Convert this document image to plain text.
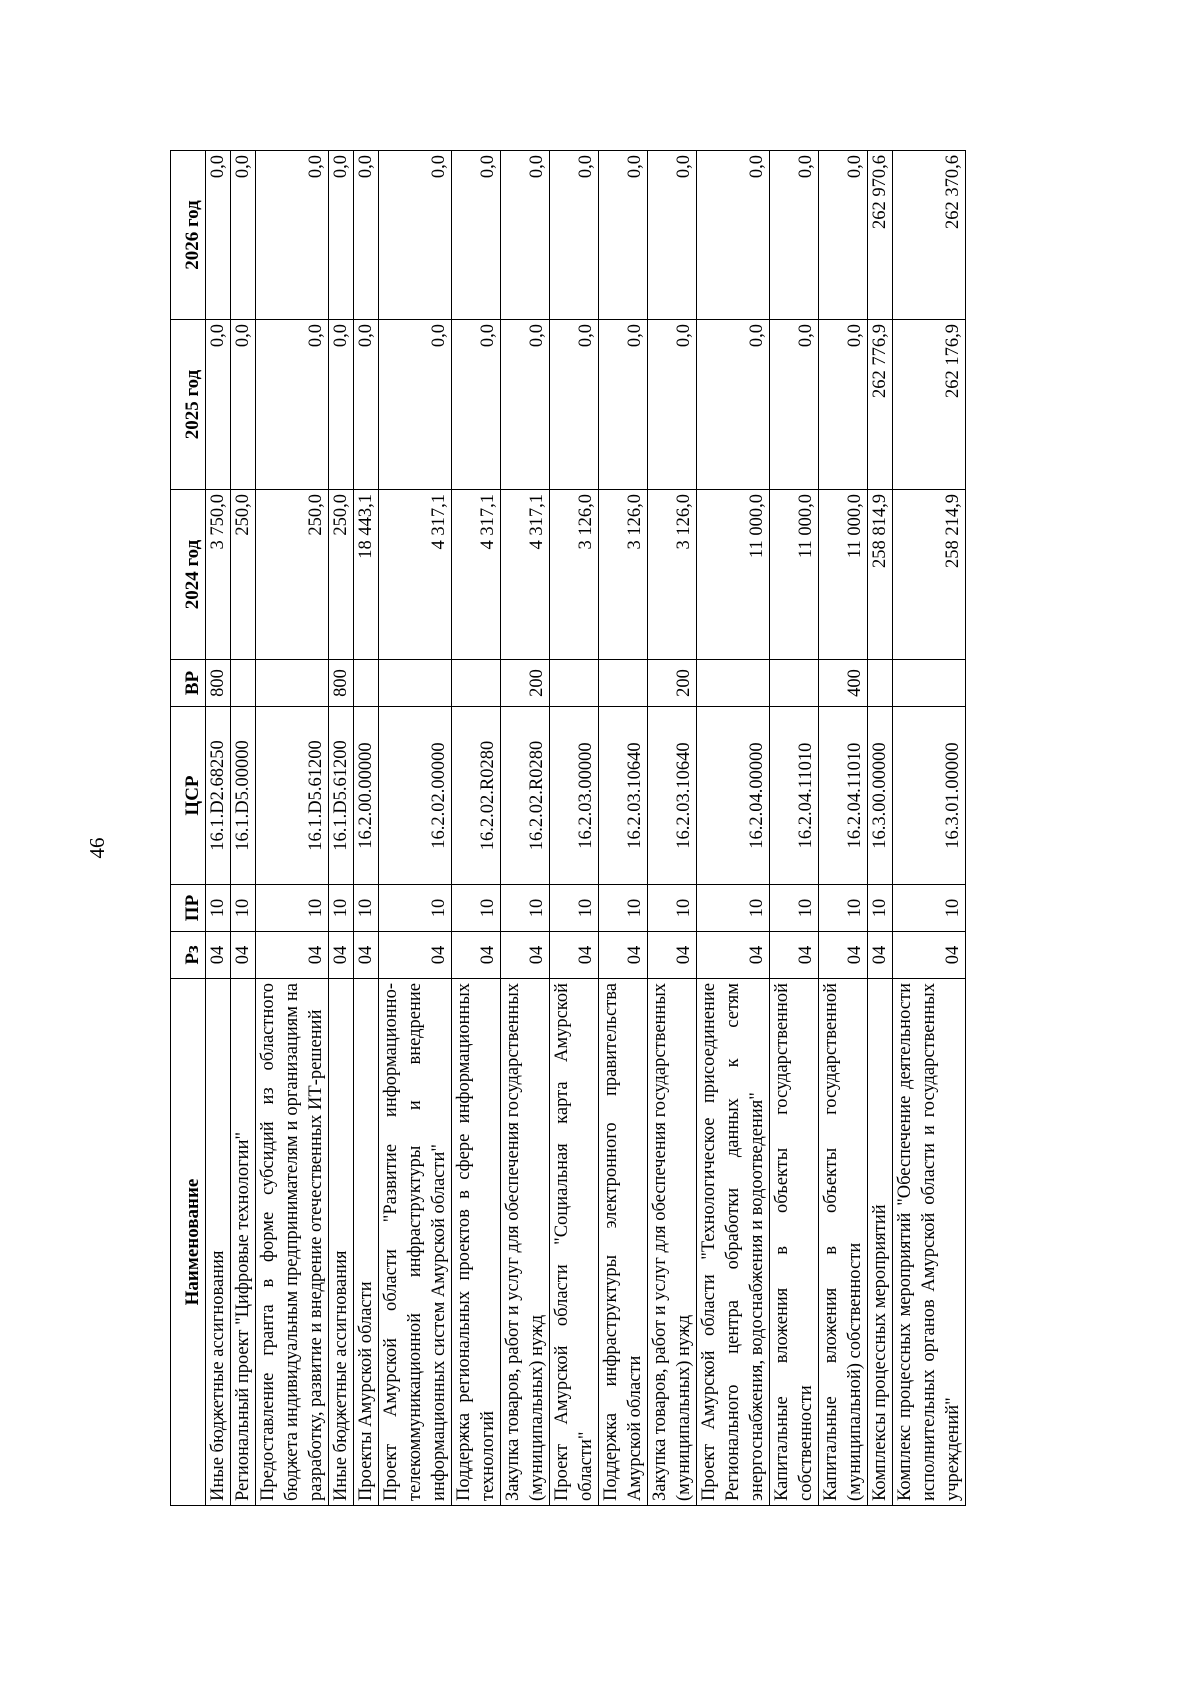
46
Наименование	Рз	ПР	ЦСР	ВР	2024 год	2025 год	2026 год
Иные бюджетные ассигнования	04	10	16.1.D2.68250	800	3 750,0	0,0	0,0
Региональный проект "Цифровые технологии"	04	10	16.1.D5.00000		250,0	0,0	0,0
Предоставление гранта в форме субсидий из областного бюджета индивидуальным предпринимателям и организациям на разработку, развитие и внедрение отечественных ИТ-решений	04	10	16.1.D5.61200		250,0	0,0	0,0
Иные бюджетные ассигнования	04	10	16.1.D5.61200	800	250,0	0,0	0,0
Проекты Амурской области	04	10	16.2.00.00000		18 443,1	0,0	0,0
Проект Амурской области "Развитие информационно-телекоммуникационной инфраструктуры и внедрение информационных систем Амурской области"	04	10	16.2.02.00000		4 317,1	0,0	0,0
Поддержка региональных проектов в сфере информационных технологий	04	10	16.2.02.R0280		4 317,1	0,0	0,0
Закупка товаров, работ и услуг для обеспечения государственных (муниципальных) нужд	04	10	16.2.02.R0280	200	4 317,1	0,0	0,0
Проект Амурской области "Социальная карта Амурской области"	04	10	16.2.03.00000		3 126,0	0,0	0,0
Поддержка инфраструктуры электронного правительства Амурской области	04	10	16.2.03.10640		3 126,0	0,0	0,0
Закупка товаров, работ и услуг для обеспечения государственных (муниципальных) нужд	04	10	16.2.03.10640	200	3 126,0	0,0	0,0
Проект Амурской области "Технологическое присоединение Регионального центра обработки данных к сетям энергоснабжения, водоснабжения и водоотведения"	04	10	16.2.04.00000		11 000,0	0,0	0,0
Капитальные вложения в объекты государственной собственности	04	10	16.2.04.11010		11 000,0	0,0	0,0
Капитальные вложения в объекты государственной (муниципальной) собственности	04	10	16.2.04.11010	400	11 000,0	0,0	0,0
Комплексы процессных мероприятий	04	10	16.3.00.00000		258 814,9	262 776,9	262 970,6
Комплекс процессных мероприятий "Обеспечение деятельности исполнительных органов Амурской области и государственных учреждений"	04	10	16.3.01.00000		258 214,9	262 176,9	262 370,6
